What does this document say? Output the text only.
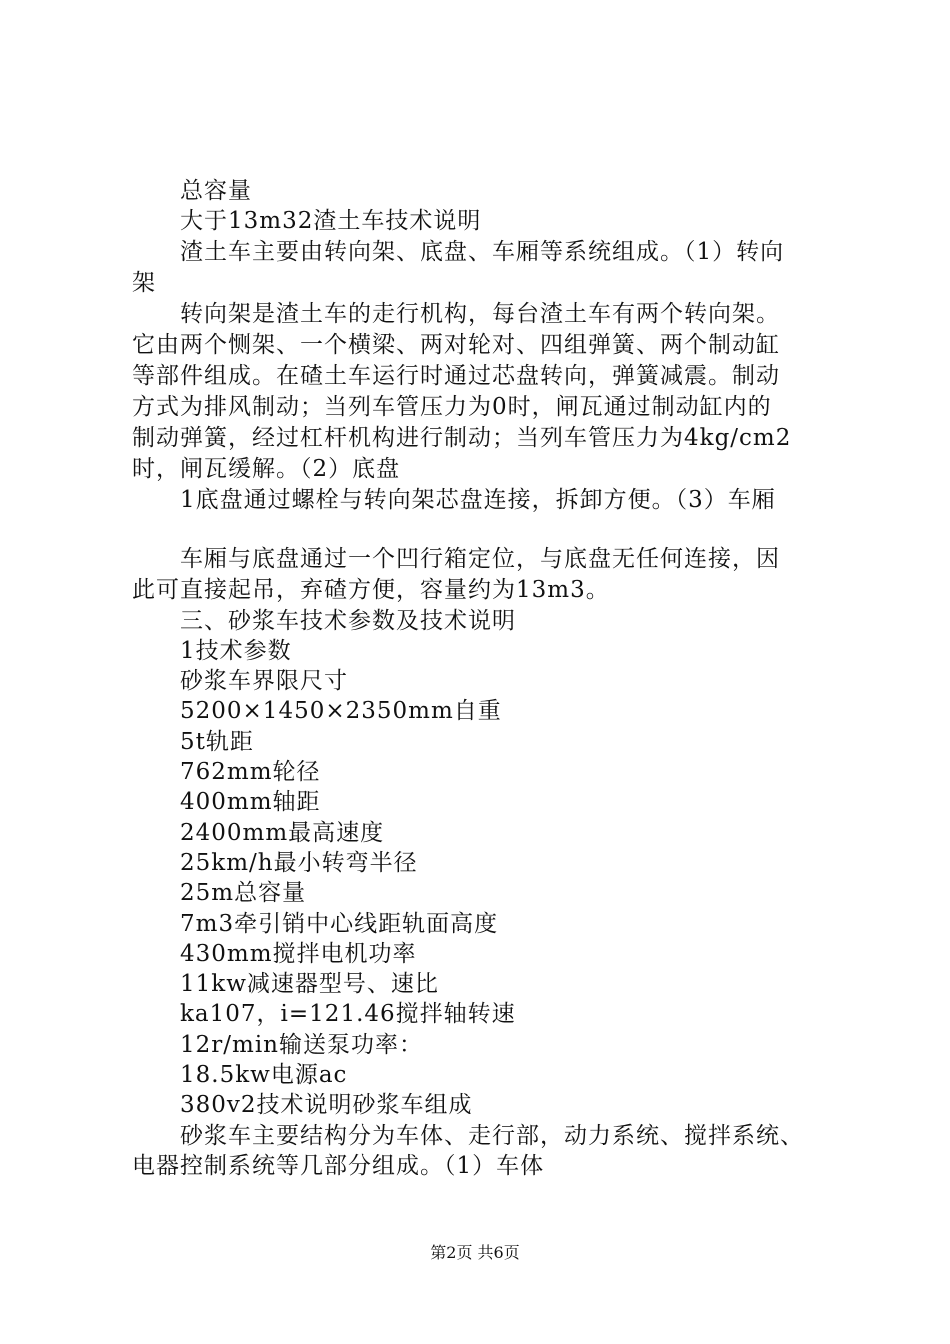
总容量
大于13m32渣土车技术说明
渣土车主要由转向架、底盘、车厢等系统组成。（1）转向
架
转向架是渣土车的走行机构，每台渣土车有两个转向架。
它由两个恻架、一个横梁、两对轮对、四组弹簧、两个制动缸
等部件组成。在碴土车运行时通过芯盘转向，弹簧减震。制动
方式为排风制动；当列车管压力为0时，闸瓦通过制动缸内的
制动弹簧，经过杠杆机构进行制动；当列车管压力为4kg/cm2
时，闸瓦缓解。（2）底盘
1底盘通过螺栓与转向架芯盘连接，拆卸方便。（3）车厢
车厢与底盘通过一个凹行箱定位，与底盘无任何连接，因
此可直接起吊，弃碴方便，容量约为13m3。
三、砂浆车技术参数及技术说明
1技术参数
砂浆车界限尺寸
5200×1450×2350mm自重
5t轨距
762mm轮径
400mm轴距
2400mm最高速度
25km/h最小转弯半径
25m总容量
7m3牵引销中心线距轨面高度
430mm搅拌电机功率
11kw减速器型号、速比
ka107，i=121.46搅拌轴转速
12r/min输送泵功率：
18.5kw电源ac
380v2技术说明砂浆车组成
砂浆车主要结构分为车体、走行部，动力系统、搅拌系统、
电器控制系统等几部分组成。（1）车体
第2页 共6页
